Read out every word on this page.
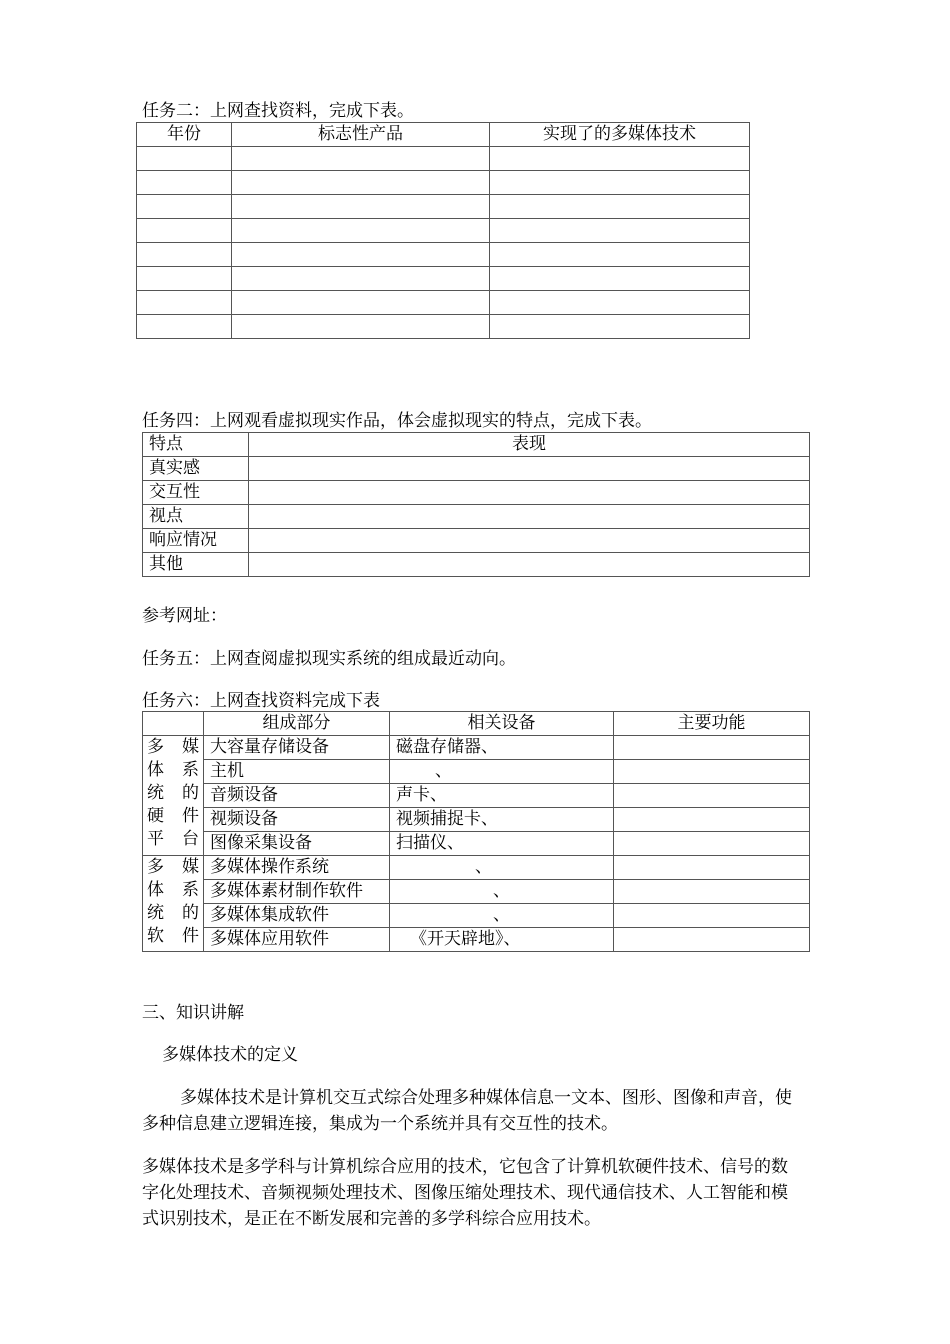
任务二：上网查找资料，完成下表。
年份	标志性产品	实现了的多媒体技术

任务四：上网观看虚拟现实作品，体会虚拟现实的特点，完成下表。
特点	表现
真实感	
交互性	
视点	
响应情况	
其他	
参考网址：
任务五：上网查阅虚拟现实系统的组成最近动向。
任务六：上网查找资料完成下表
	组成部分	相关设备	主要功能
多 媒 体 系 统 的 硬 件 平台	大容量存储设备	磁盘存储器、	
	主机	、	
	音频设备	声卡、	
	视频设备	视频捕捉卡、	
	图像采集设备	扫描仪、	
多 媒 体 系 统 的 软件	多媒体操作系统	、	
	多媒体素材制作软件	、	
	多媒体集成软件	、	
	多媒体应用软件	《开天辟地》、	
三、知识讲解
多媒体技术的定义
多媒体技术是计算机交互式综合处理多种媒体信息一文本、图形、图像和声音，使多种信息建立逻辑连接，集成为一个系统并具有交互性的技术。
多媒体技术是多学科与计算机综合应用的技术，它包含了计算机软硬件技术、信号的数字化处理技术、音频视频处理技术、图像压缩处理技术、现代通信技术、人工智能和模式识别技术，是正在不断发展和完善的多学科综合应用技术。
